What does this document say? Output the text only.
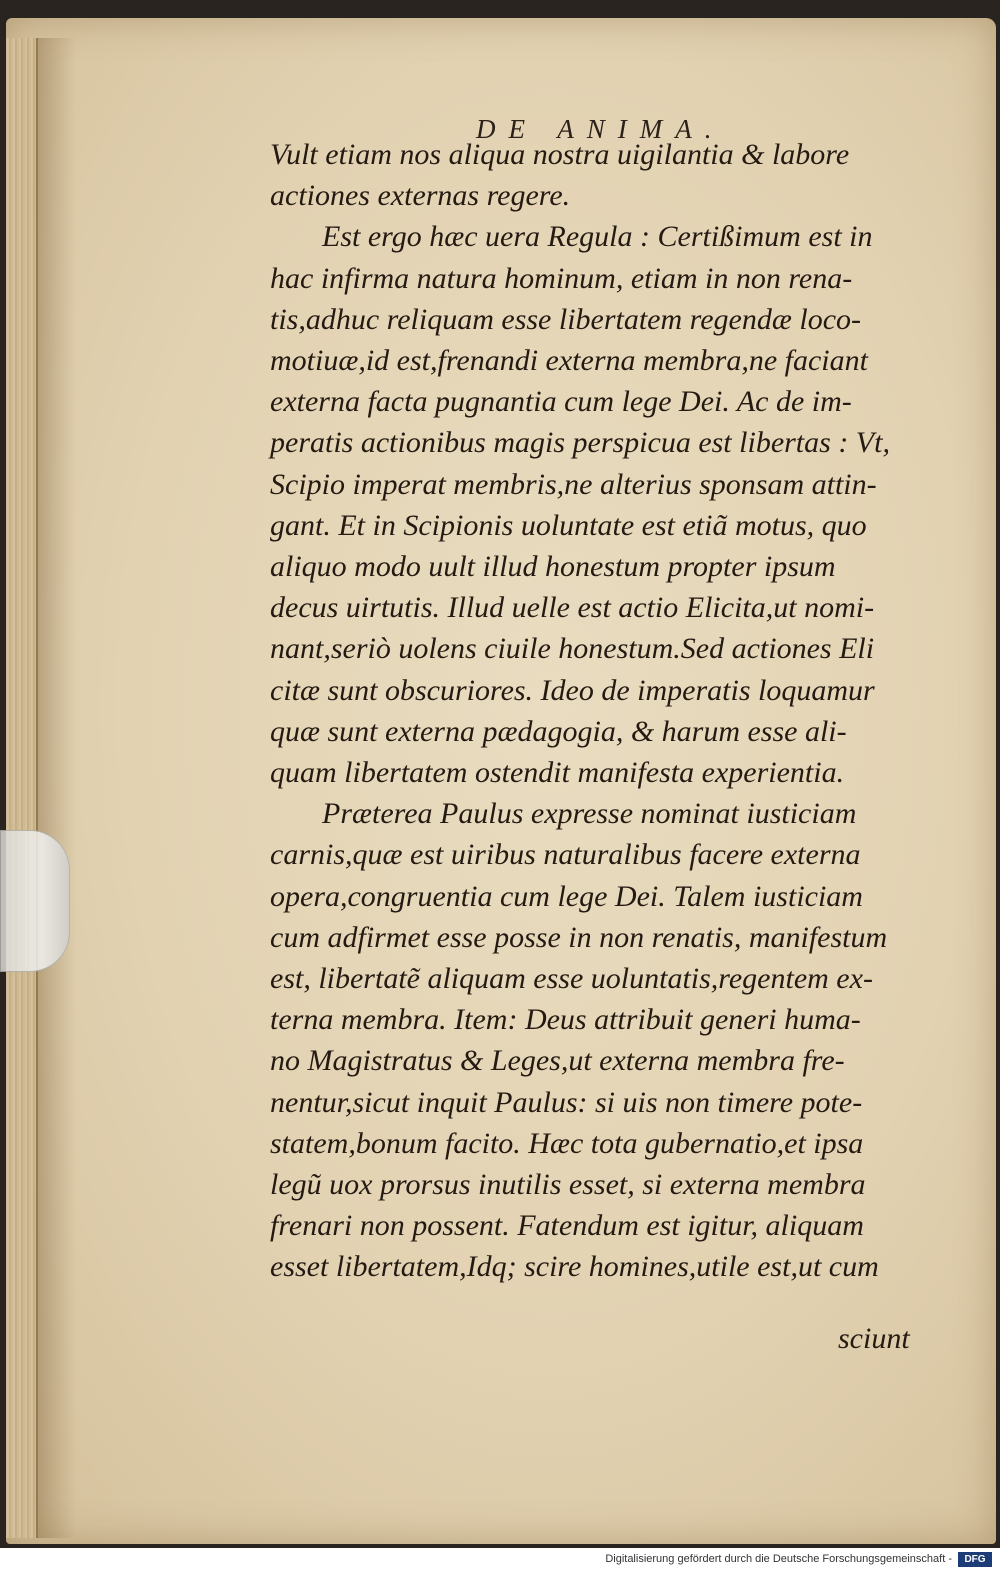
DE ANIMA.
Vult etiam nos aliqua nostra uigilantia & labore
actiones externas regere.
Est ergo hæc uera Regula : Certißimum est in
hac infirma natura hominum, etiam in non rena-
tis,adhuc reliquam esse libertatem regendæ loco-
motiuæ,id est,frenandi externa membra,ne faciant
externa facta pugnantia cum lege Dei. Ac de im-
peratis actionibus magis perspicua est libertas : Vt,
Scipio imperat membris,ne alterius sponsam attin-
gant. Et in Scipionis uoluntate est etiã motus, quo
aliquo modo uult illud honestum propter ipsum
decus uirtutis. Illud uelle est actio Elicita,ut nomi-
nant,seriò uolens ciuile honestum.Sed actiones Eli
citæ sunt obscuriores. Ideo de imperatis loquamur
quæ sunt externa pædagogia, & harum esse ali-
quam libertatem ostendit manifesta experientia.
Præterea Paulus expresse nominat iusticiam
carnis,quæ est uiribus naturalibus facere externa
opera,congruentia cum lege Dei. Talem iusticiam
cum adfirmet esse posse in non renatis, manifestum
est, libertatẽ aliquam esse uoluntatis,regentem ex-
terna membra. Item: Deus attribuit generi huma-
no Magistratus & Leges,ut externa membra fre-
nentur,sicut inquit Paulus: si uis non timere pote-
statem,bonum facito. Hæc tota gubernatio,et ipsa
legũ uox prorsus inutilis esset, si externa membra
frenari non possent. Fatendum est igitur, aliquam
esset libertatem,Idq; scire homines,utile est,ut cum
sciunt
Digitalisierung gefördert durch die Deutsche Forschungsgemeinschaft -	DFG
